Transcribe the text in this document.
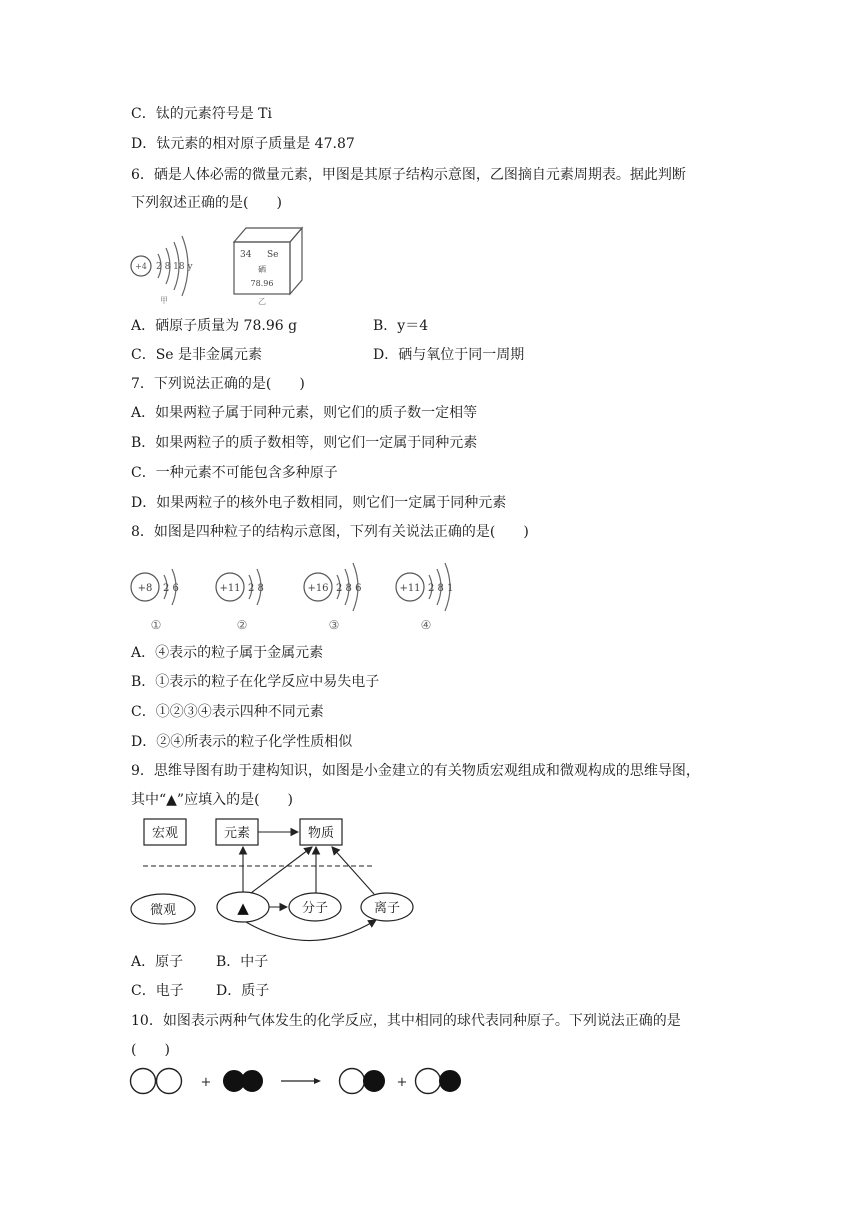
C．钛的元素符号是 Ti
D．钛元素的相对原子质量是 47.87
6．硒是人体必需的微量元素，甲图是其原子结构示意图，乙图摘自元素周期表。据此判断
下列叙述正确的是(　　)
+4 2 8 18 y
甲
34 Se
硒
78.96
乙
A．硒原子质量为 78.96 g	B．y＝4
C．Se 是非金属元素	D．硒与氧位于同一周期
7．下列说法正确的是(　　)
A．如果两粒子属于同种元素，则它们的质子数一定相等
B．如果两粒子的质子数相等，则它们一定属于同种元素
C．一种元素不可能包含多种原子
D．如果两粒子的核外电子数相同，则它们一定属于同种元素
8．如图是四种粒子的结构示意图，下列有关说法正确的是(　　)
+8 2 6
①
+11 2 8
②
+16 2 8 6
③
+11 2 8 1
④
A．④表示的粒子属于金属元素
B．①表示的粒子在化学反应中易失电子
C．①②③④表示四种不同元素
D．②④所表示的粒子化学性质相似
9．思维导图有助于建构知识，如图是小金建立的有关物质宏观组成和微观构成的思维导图，
其中“▲”应填入的是(　　)
宏观	元素	物质
微观	▲	分子	离子
A．原子 B．中子
C．电子 D．质子
10．如图表示两种气体发生的化学反应，其中相同的球代表同种原子。下列说法正确的是
(　　)
+	+
